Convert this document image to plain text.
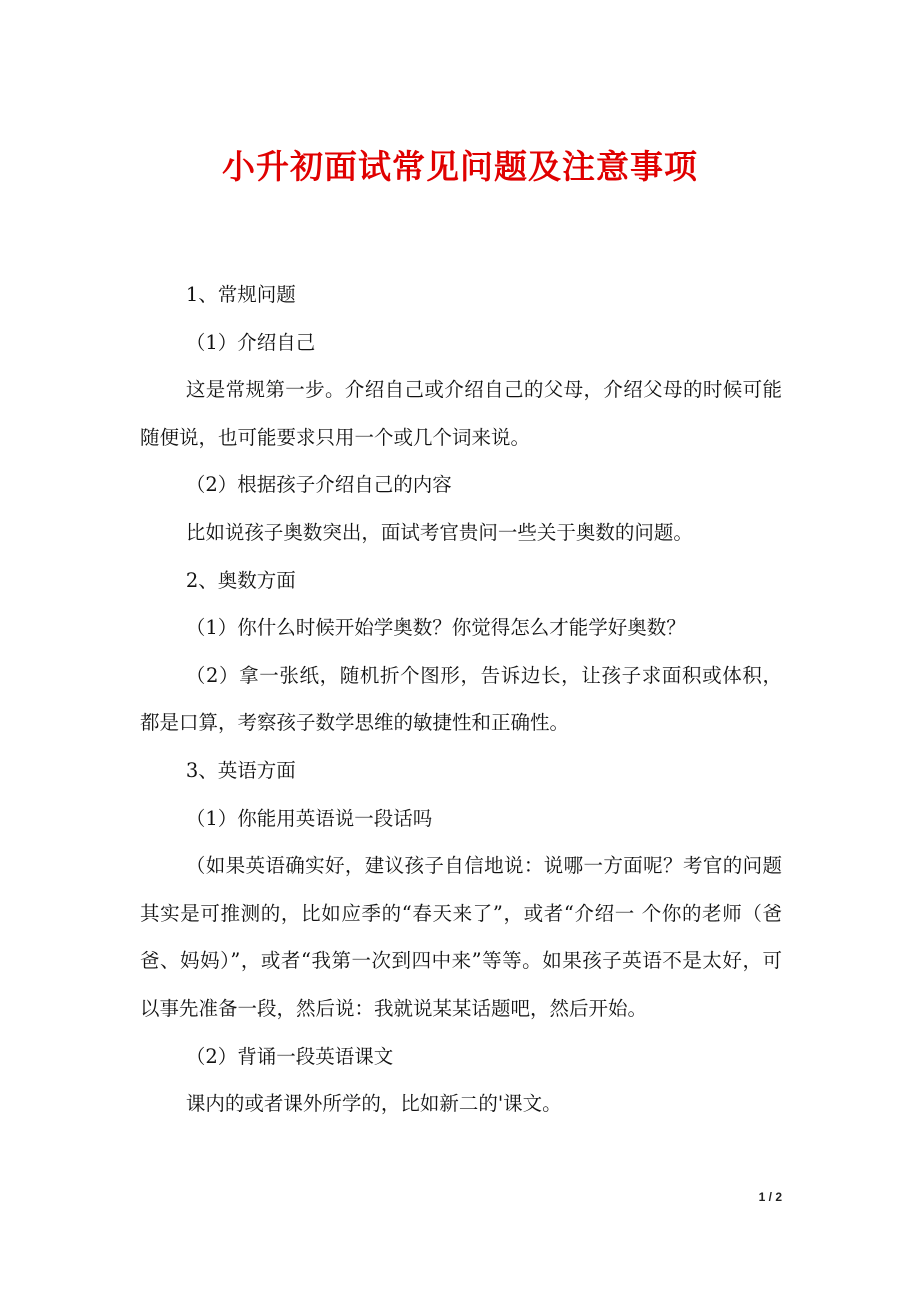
小升初面试常见问题及注意事项

1、常规问题

（1）介绍自己

这是常规第一步。介绍自己或介绍自己的父母，介绍父母的时候可能随便说，也可能要求只用一个或几个词来说。

（2）根据孩子介绍自己的内容

比如说孩子奥数突出，面试考官贵问一些关于奥数的问题。

2、奥数方面

（1）你什么时候开始学奥数？你觉得怎么才能学好奥数？

（2）拿一张纸，随机折个图形，告诉边长，让孩子求面积或体积，都是口算，考察孩子数学思维的敏捷性和正确性。

3、英语方面

（1）你能用英语说一段话吗

（如果英语确实好，建议孩子自信地说：说哪一方面呢？考官的问题其实是可推测的，比如应季的“春天来了”，或者“介绍一 个你的老师（爸爸、妈妈）”，或者“我第一次到四中来”等等。如果孩子英语不是太好，可以事先准备一段，然后说：我就说某某话题吧，然后开始。

（2）背诵一段英语课文

课内的或者课外所学的，比如新二的'课文。

1 / 2
